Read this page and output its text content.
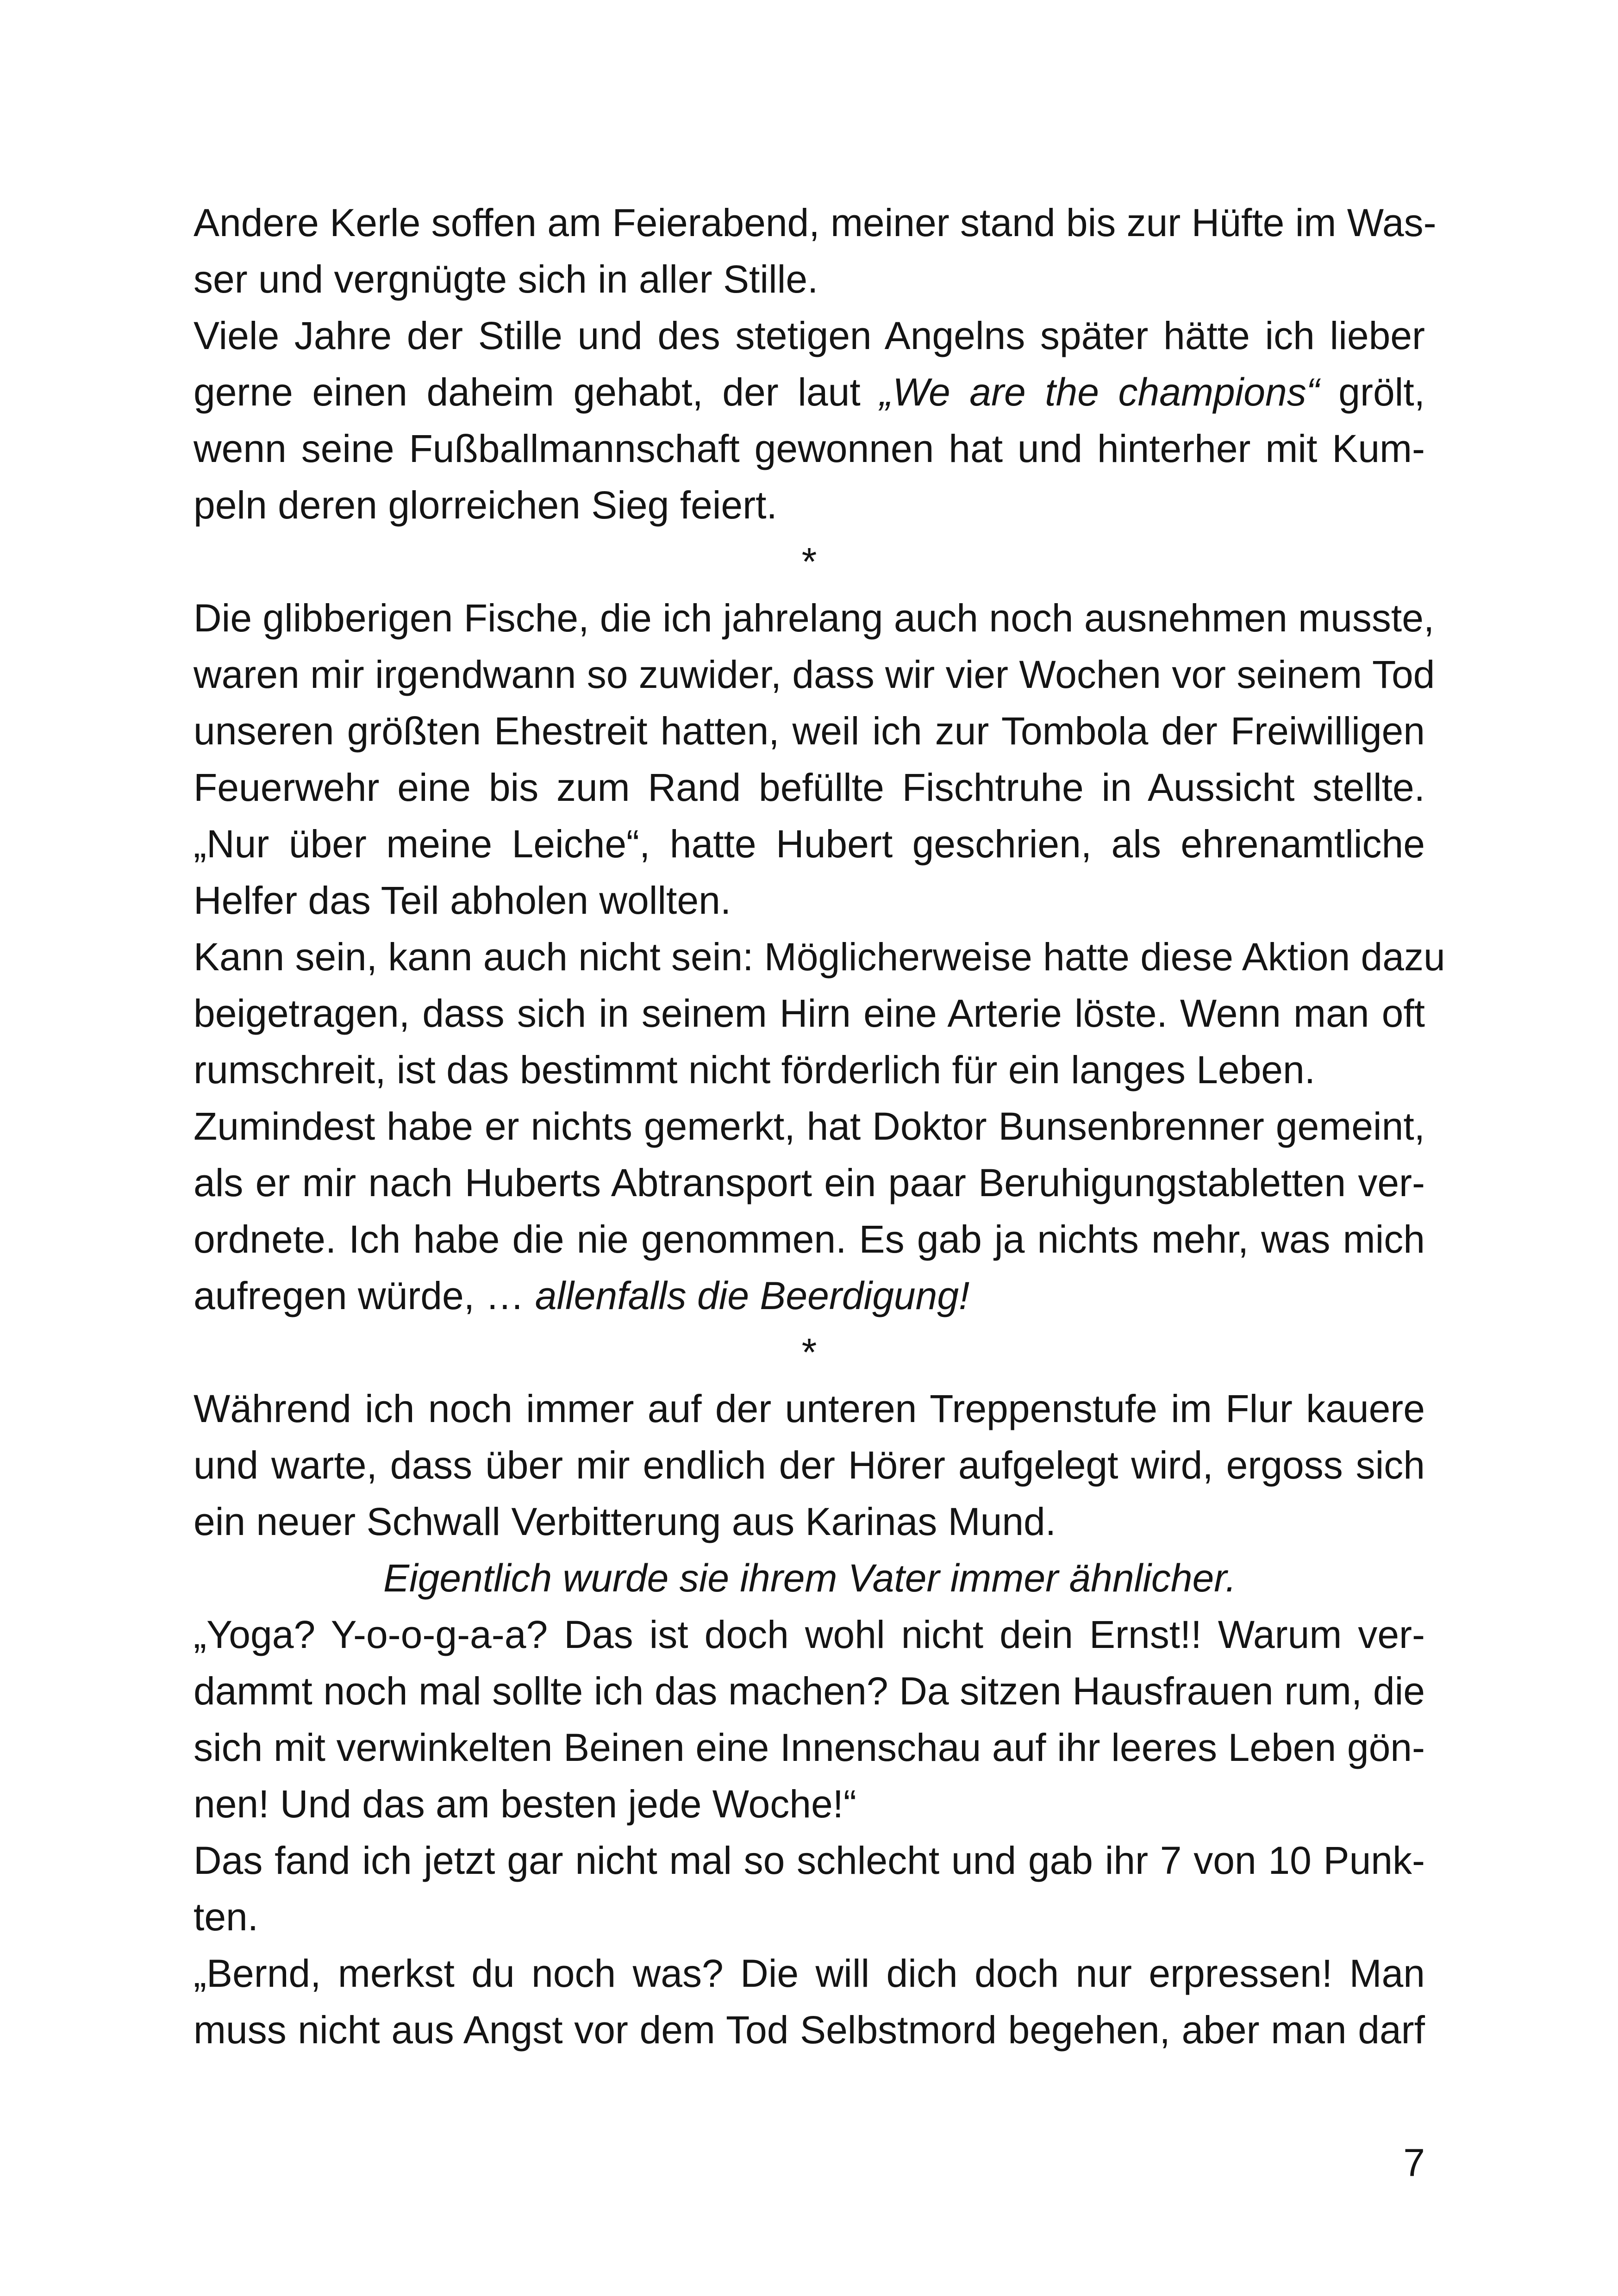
Andere Kerle soffen am Feierabend, meiner stand bis zur Hüfte im Was-
ser und vergnügte sich in aller Stille.
Viele Jahre der Stille und des stetigen Angelns später hätte ich lieber
gerne einen daheim gehabt, der laut „We are the champions“ grölt,
wenn seine Fußballmannschaft gewonnen hat und hinterher mit Kum-
peln deren glorreichen Sieg feiert.
*
Die glibberigen Fische, die ich jahrelang auch noch ausnehmen musste,
waren mir irgendwann so zuwider, dass wir vier Wochen vor seinem Tod
unseren größten Ehestreit hatten, weil ich zur Tombola der Freiwilligen
Feuerwehr eine bis zum Rand befüllte Fischtruhe in Aussicht stellte.
„Nur über meine Leiche“, hatte Hubert geschrien, als ehrenamtliche
Helfer das Teil abholen wollten.
Kann sein, kann auch nicht sein: Möglicherweise hatte diese Aktion dazu
beigetragen, dass sich in seinem Hirn eine Arterie löste. Wenn man oft
rumschreit, ist das bestimmt nicht förderlich für ein langes Leben.
Zumindest habe er nichts gemerkt, hat Doktor Bunsenbrenner gemeint,
als er mir nach Huberts Abtransport ein paar Beruhigungstabletten ver-
ordnete. Ich habe die nie genommen. Es gab ja nichts mehr, was mich
aufregen würde, … allenfalls die Beerdigung!
*
Während ich noch immer auf der unteren Treppenstufe im Flur kauere
und warte, dass über mir endlich der Hörer aufgelegt wird, ergoss sich
ein neuer Schwall Verbitterung aus Karinas Mund.
Eigentlich wurde sie ihrem Vater immer ähnlicher.
„Yoga? Y-o-o-g-a-a? Das ist doch wohl nicht dein Ernst!! Warum ver-
dammt noch mal sollte ich das machen? Da sitzen Hausfrauen rum, die
sich mit verwinkelten Beinen eine Innenschau auf ihr leeres Leben gön-
nen! Und das am besten jede Woche!“
Das fand ich jetzt gar nicht mal so schlecht und gab ihr 7 von 10 Punk-
ten.
„Bernd, merkst du noch was? Die will dich doch nur erpressen! Man
muss nicht aus Angst vor dem Tod Selbstmord begehen, aber man darf
7
